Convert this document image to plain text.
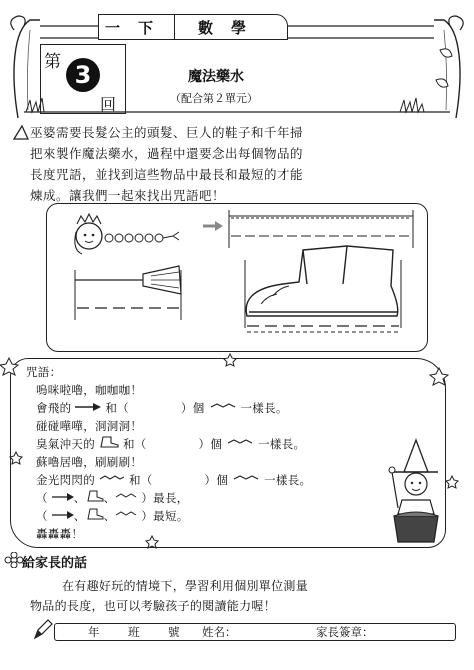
一下	數學
第 3
回
魔法藥水
（配合第２單元）
巫婆需要長髮公主的頭髮、巨人的鞋子和千年掃
把來製作魔法藥水，過程中還要念出每個物品的
長度咒語，並找到這些物品中最長和最短的才能
煉成。讓我們一起來找出咒語吧！
咒語：
嗚咪啦嚕，咖咖咖！
會飛的	和（	）個	一樣長。
碰碰嘩嘩，洞洞洞！
臭氣沖天的 和（	）個	一樣長。
蘇嚕居嚕，刷刷刷！
金光閃閃的	和（	）個	一樣長。
（ 、 、 ）最長，
（ 、 、 ）最短。
轟轟轟！
給家長的話
在有趣好玩的情境下，學習利用個別單位測量
物品的長度，也可以考驗孩子的閱讀能力喔！
年 班 號 姓名：	家長簽章：
